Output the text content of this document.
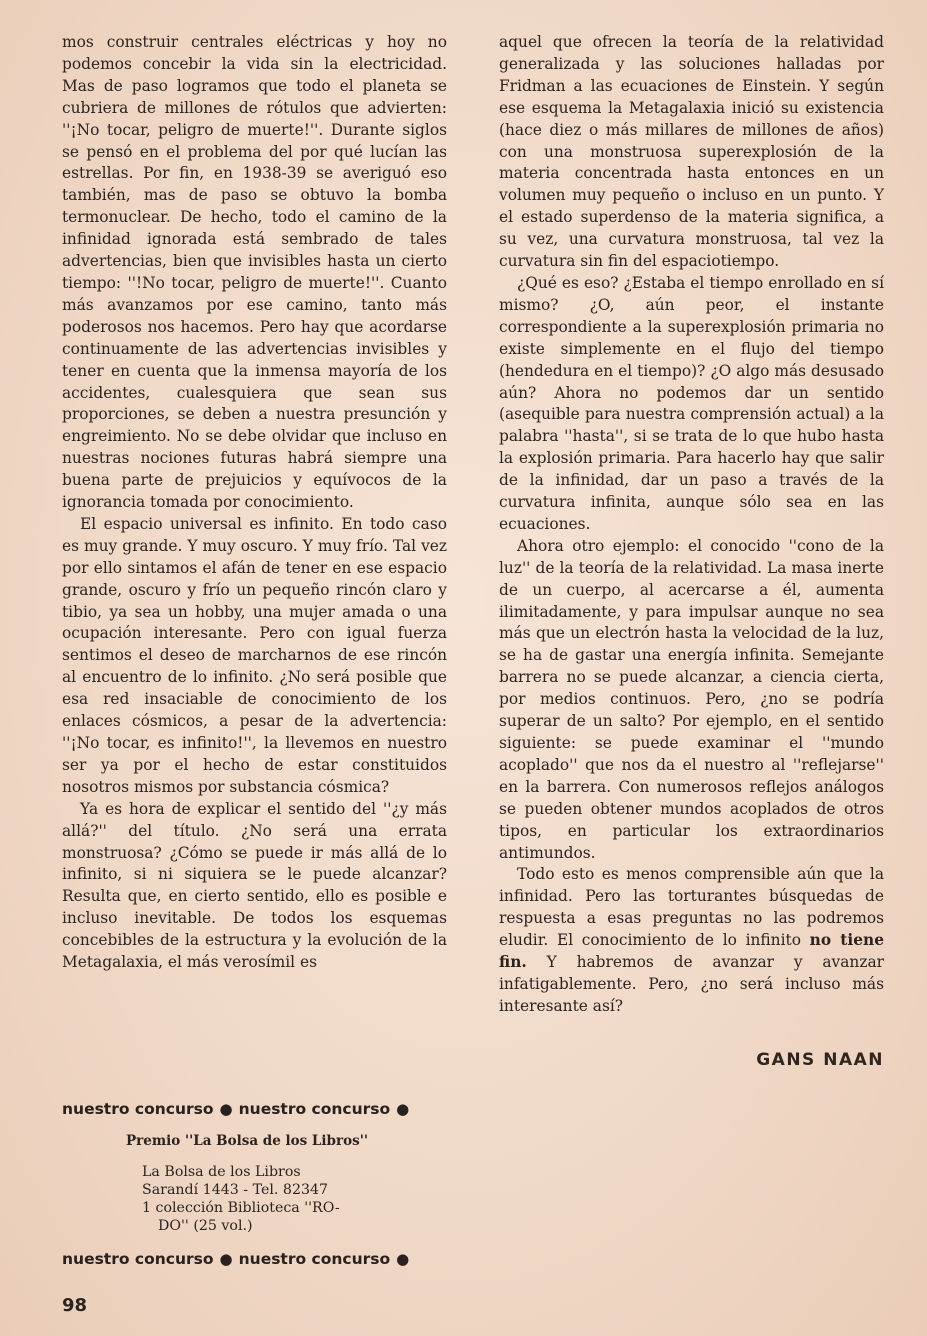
mos construir centrales eléctricas y hoy no podemos concebir la vida sin la electricidad. Mas de paso logramos que todo el planeta se cubriera de millones de rótulos que advierten: ''¡No tocar, peligro de muerte!''. Durante siglos se pensó en el problema del por qué lucían las estrellas. Por fin, en 1938-39 se averiguó eso también, mas de paso se obtuvo la bomba termonuclear. De hecho, todo el camino de la infinidad ignorada está sembrado de tales advertencias, bien que invisibles hasta un cierto tiempo: ''!No tocar, peligro de muerte!''. Cuanto más avanzamos por ese camino, tanto más poderosos nos hacemos. Pero hay que acordarse continuamente de las advertencias invisibles y tener en cuenta que la inmensa mayoría de los accidentes, cualesquiera que sean sus proporciones, se deben a nuestra presunción y engreimiento. No se debe olvidar que incluso en nuestras nociones futuras habrá siempre una buena parte de prejuicios y equívocos de la ignorancia tomada por conocimiento.

El espacio universal es infinito. En todo caso es muy grande. Y muy oscuro. Y muy frío. Tal vez por ello sintamos el afán de tener en ese espacio grande, oscuro y frío un pequeño rincón claro y tibio, ya sea un hobby, una mujer amada o una ocupación interesante. Pero con igual fuerza sentimos el deseo de marcharnos de ese rincón al encuentro de lo infinito. ¿No será posible que esa red insaciable de conocimiento de los enlaces cósmicos, a pesar de la advertencia: ''¡No tocar, es infinito!'', la llevemos en nuestro ser ya por el hecho de estar constituidos nosotros mismos por substancia cósmica?

Ya es hora de explicar el sentido del ''¿y más allá?'' del título. ¿No será una errata monstruosa? ¿Cómo se puede ir más allá de lo infinito, si ni siquiera se le puede alcanzar? Resulta que, en cierto sentido, ello es posible e incluso inevitable. De todos los esquemas concebibles de la estructura y la evolución de la Metagalaxia, el más verosímil es

aquel que ofrecen la teoría de la relatividad generalizada y las soluciones halladas por Fridman a las ecuaciones de Einstein. Y según ese esquema la Metagalaxia inició su existencia (hace diez o más millares de millones de años) con una monstruosa superexplosión de la materia concentrada hasta entonces en un volumen muy pequeño o incluso en un punto. Y el estado superdenso de la materia significa, a su vez, una curvatura monstruosa, tal vez la curvatura sin fin del espaciotiempo.

¿Qué es eso? ¿Estaba el tiempo enrollado en sí mismo? ¿O, aún peor, el instante correspondiente a la superexplosión primaria no existe simplemente en el flujo del tiempo (hendedura en el tiempo)? ¿O algo más desusado aún? Ahora no podemos dar un sentido (asequible para nuestra comprensión actual) a la palabra ''hasta'', si se trata de lo que hubo hasta la explosión primaria. Para hacerlo hay que salir de la infinidad, dar un paso a través de la curvatura infinita, aunque sólo sea en las ecuaciones.

Ahora otro ejemplo: el conocido ''cono de la luz'' de la teoría de la relatividad. La masa inerte de un cuerpo, al acercarse a él, aumenta ilimitadamente, y para impulsar aunque no sea más que un electrón hasta la velocidad de la luz, se ha de gastar una energía infinita. Semejante barrera no se puede alcanzar, a ciencia cierta, por medios continuos. Pero, ¿no se podría superar de un salto? Por ejemplo, en el sentido siguiente: se puede examinar el ''mundo acoplado'' que nos da el nuestro al ''reflejarse'' en la barrera. Con numerosos reflejos análogos se pueden obtener mundos acoplados de otros tipos, en particular los extraordinarios antimundos.

Todo esto es menos comprensible aún que la infinidad. Pero las torturantes búsquedas de respuesta a esas preguntas no las podremos eludir. El conocimiento de lo infinito no tiene fin. Y habremos de avanzar y avanzar infatigablemente. Pero, ¿no será incluso más interesante así?

GANS NAAN
nuestro concurso ● nuestro concurso ●
Premio ''La Bolsa de los Libros''
La Bolsa de los Libros
Sarandí 1443 - Tel. 82347
1 colección Biblioteca ''RO-
DO'' (25 vol.)
nuestro concurso ● nuestro concurso ●
98
